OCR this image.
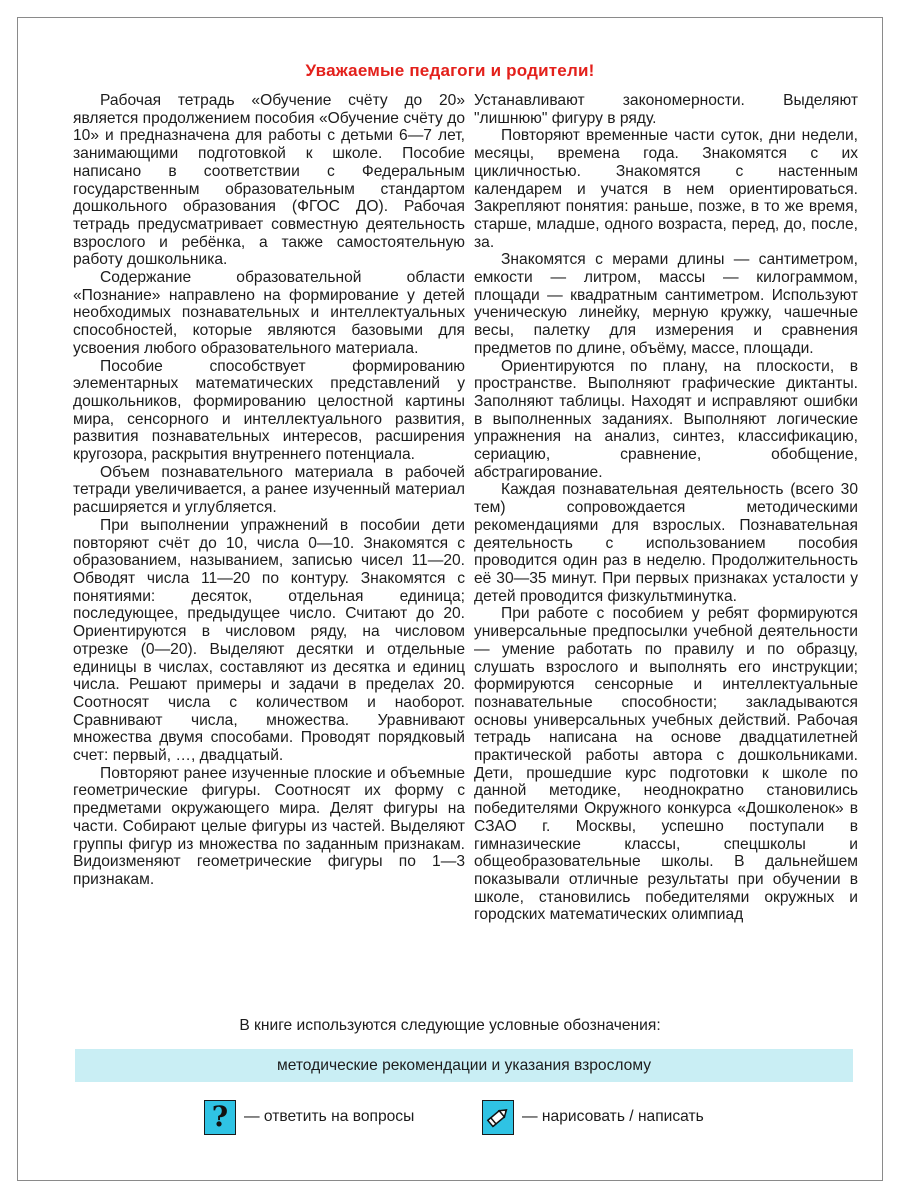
Уважаемые педагоги и родители!

Рабочая тетрадь «Обучение счёту до 20» является продолжением пособия «Обучение счёту до 10» и предназначена для работы с детьми 6—7 лет, занимающими подготовкой к школе. Пособие написано в соответствии с Федеральным государственным образовательным стандартом дошкольного образования (ФГОС ДО). Рабочая тетрадь предусматривает совместную деятельность взрослого и ребёнка, а также самостоятельную работу дошкольника.

Содержание образовательной области «Познание» направлено на формирование у детей необходимых познавательных и интеллектуальных способностей, которые являются базовыми для усвоения любого образовательного материала.

Пособие способствует формированию элементарных математических представлений у дошкольников, формированию целостной картины мира, сенсорного и интеллектуального развития, развития познавательных интересов, расширения кругозора, раскрытия внутреннего потенциала.

Объем познавательного материала в рабочей тетради увеличивается, а ранее изученный материал расширяется и углубляется.

При выполнении упражнений в пособии дети повторяют счёт до 10, числа 0—10. Знакомятся с образованием, называнием, записью чисел 11—20. Обводят числа 11—20 по контуру. Знакомятся с понятиями: десяток, отдельная единица; последующее, предыдущее число. Считают до 20. Ориентируются в числовом ряду, на числовом отрезке (0—20). Выделяют десятки и отдельные единицы в числах, составляют из десятка и единиц числа. Решают примеры и задачи в пределах 20. Соотносят числа с количеством и наоборот. Сравнивают числа, множества. Уравнивают множества двумя способами. Проводят порядковый счет: первый, …, двадцатый.

Повторяют ранее изученные плоские и объемные геометрические фигуры. Соотносят их форму с предметами окружающего мира. Делят фигуры на части. Собирают целые фигуры из частей. Выделяют группы фигур из множества по заданным признакам. Видоизменяют геометрические фигуры по 1—3 признакам.

Устанавливают закономерности. Выделяют "лишнюю" фигуру в ряду.

Повторяют временные части суток, дни недели, месяцы, времена года. Знакомятся с их цикличностью. Знакомятся с настенным календарем и учатся в нем ориентироваться. Закрепляют понятия: раньше, позже, в то же время, старше, младше, одного возраста, перед, до, после, за.

Знакомятся с мерами длины — сантиметром, емкости — литром, массы — килограммом, площади — квадратным сантиметром. Используют ученическую линейку, мерную кружку, чашечные весы, палетку для измерения и сравнения предметов по длине, объёму, массе, площади.

Ориентируются по плану, на плоскости, в пространстве. Выполняют графические диктанты. Заполняют таблицы. Находят и исправляют ошибки в выполненных заданиях. Выполняют логические упражнения на анализ, синтез, классификацию, сериацию, сравнение, обобщение, абстрагирование.

Каждая познавательная деятельность (всего 30 тем) сопровождается методическими рекомендациями для взрослых. Познавательная деятельность с использованием пособия проводится один раз в неделю. Продолжительность её 30—35 минут. При первых признаках усталости у детей проводится физкультминутка.

При работе с пособием у ребят формируются универсальные предпосылки учебной деятельности — умение работать по правилу и по образцу, слушать взрослого и выполнять его инструкции; формируются сенсорные и интеллектуальные познавательные способности; закладываются основы универсальных учебных действий. Рабочая тетрадь написана на основе двадцатилетней практической работы автора с дошкольниками. Дети, прошедшие курс подготовки к школе по данной методике, неоднократно становились победителями Окружного конкурса «Дошколенок» в СЗАО г. Москвы, успешно поступали в гимназические классы, спецшколы и общеобразовательные школы. В дальнейшем показывали отличные результаты при обучении в школе, становились победителями окружных и городских математических олимпиад

В книге используются следующие условные обозначения:
методические рекомендации и указания взрослому
? — ответить на вопросы	— нарисовать / написать
